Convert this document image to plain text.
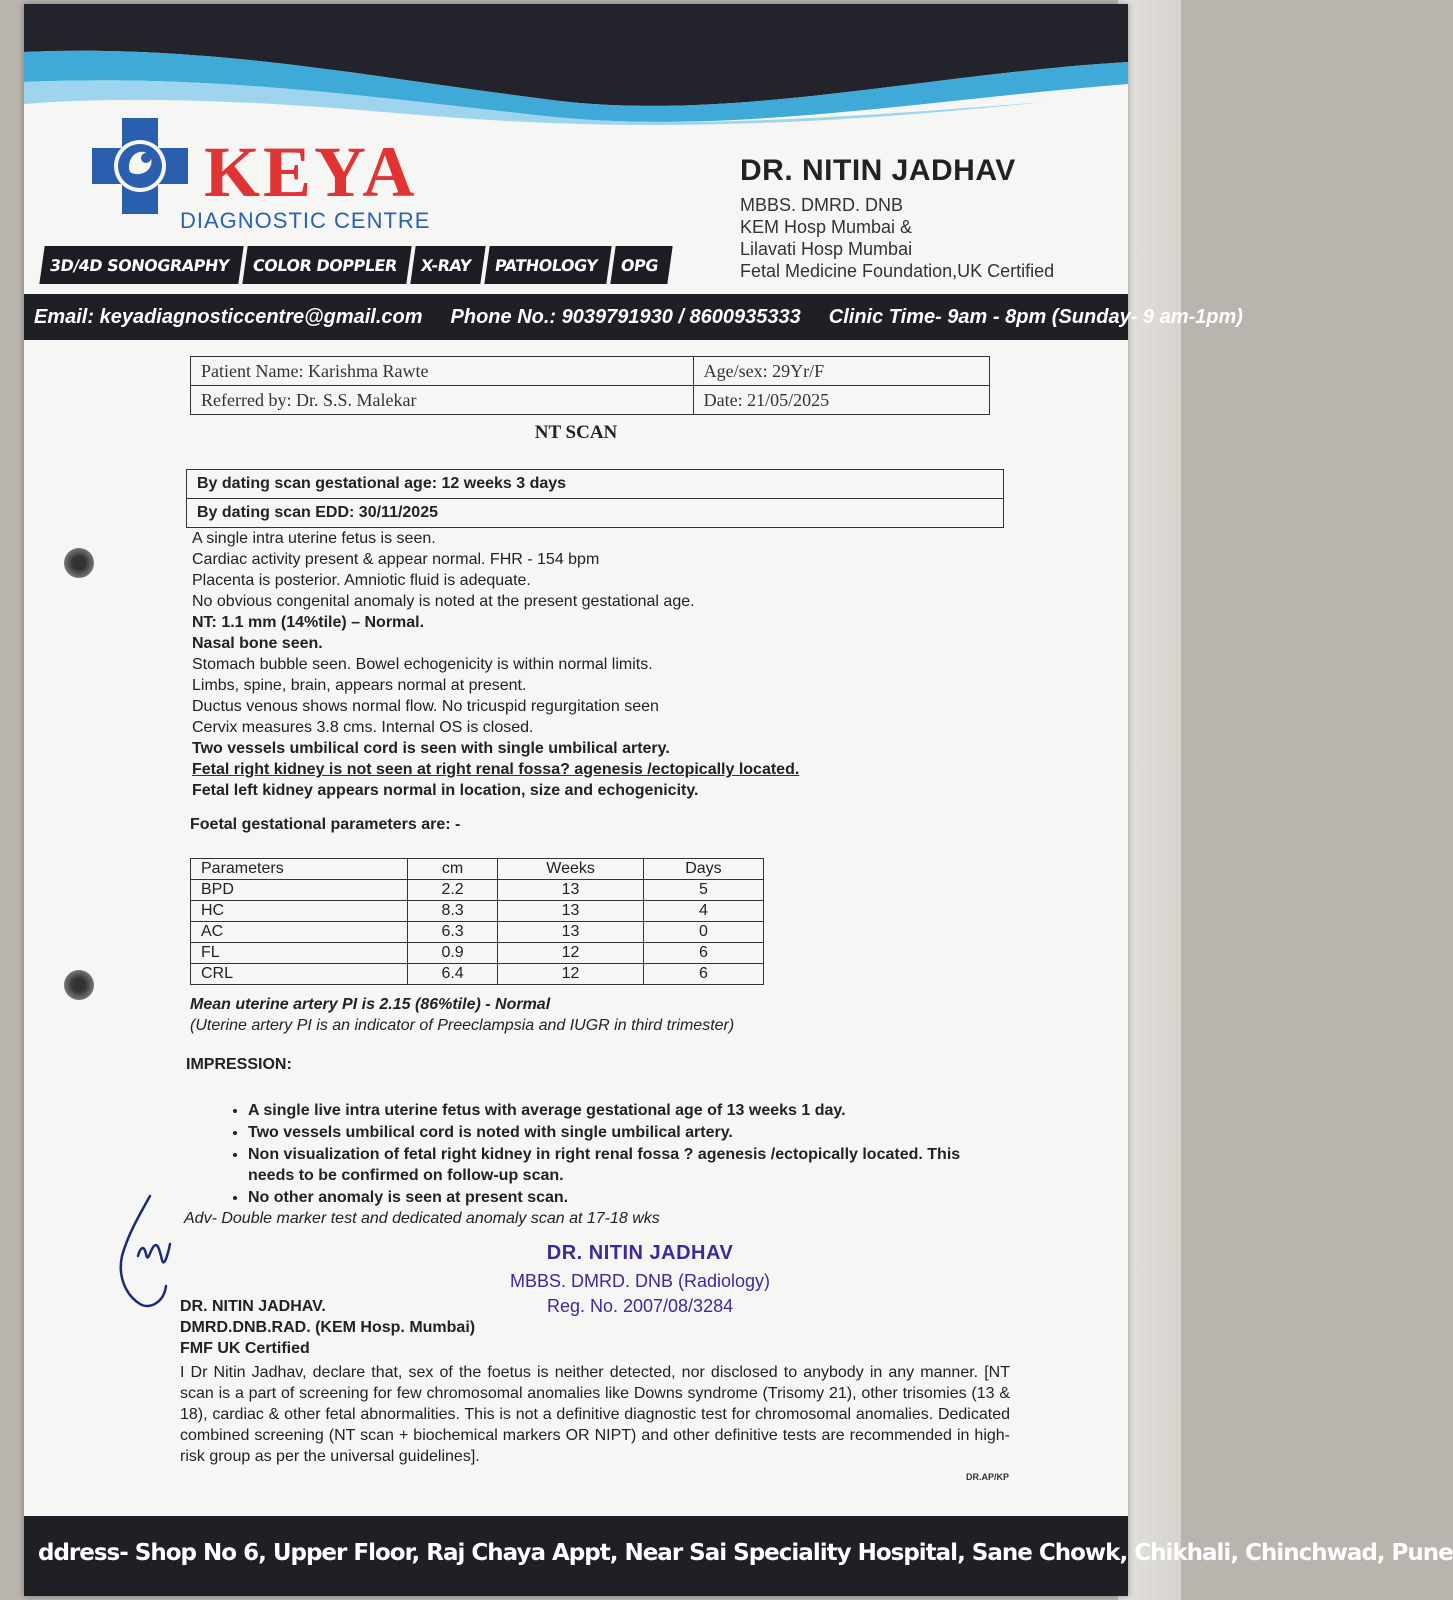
KEYA
DIAGNOSTIC CENTRE
3D/4D SONOGRAPHY	COLOR DOPPLER	X-RAY	PATHOLOGY	OPG
DR. NITIN JADHAV
MBBS. DMRD. DNB
KEM Hosp Mumbai &
Lilavati Hosp Mumbai
Fetal Medicine Foundation,UK Certified
Email: keyadiagnosticcentre@gmail.com	Phone No.: 9039791930 / 8600935333	Clinic Time- 9am - 8pm (Sunday- 9 am-1pm)
Patient Name: Karishma Rawte	Age/sex: 29Yr/F
Referred by: Dr. S.S. Malekar	Date: 21/05/2025
NT SCAN
By dating scan gestational age: 12 weeks 3 days
By dating scan EDD: 30/11/2025
A single intra uterine fetus is seen.
Cardiac activity present & appear normal. FHR - 154 bpm
Placenta is posterior. Amniotic fluid is adequate.
No obvious congenital anomaly is noted at the present gestational age.
NT: 1.1 mm (14%tile) – Normal.
Nasal bone seen.
Stomach bubble seen. Bowel echogenicity is within normal limits.
Limbs, spine, brain, appears normal at present.
Ductus venous shows normal flow. No tricuspid regurgitation seen
Cervix measures 3.8 cms. Internal OS is closed.
Two vessels umbilical cord is seen with single umbilical artery.
Fetal right kidney is not seen at right renal fossa? agenesis /ectopically located.
Fetal left kidney appears normal in location, size and echogenicity.
Foetal gestational parameters are: -
Parameters	cm	Weeks	Days
BPD	2.2	13	5
HC	8.3	13	4
AC	6.3	13	0
FL	0.9	12	6
CRL	6.4	12	6
Mean uterine artery PI is 2.15 (86%tile) - Normal
(Uterine artery PI is an indicator of Preeclampsia and IUGR in third trimester)
IMPRESSION:
• A single live intra uterine fetus with average gestational age of 13 weeks 1 day.
• Two vessels umbilical cord is noted with single umbilical artery.
• Non visualization of fetal right kidney in right renal fossa ? agenesis /ectopically located. This needs to be confirmed on follow-up scan.
• No other anomaly is seen at present scan.
Adv- Double marker test and dedicated anomaly scan at 17-18 wks
DR. NITIN JADHAV
MBBS. DMRD. DNB (Radiology)
Reg. No. 2007/08/3284
DR. NITIN JADHAV.
DMRD.DNB.RAD. (KEM Hosp. Mumbai)
FMF UK Certified
I Dr Nitin Jadhav, declare that, sex of the foetus is neither detected, nor disclosed to anybody in any manner. [NT scan is a part of screening for few chromosomal anomalies like Downs syndrome (Trisomy 21), other trisomies (13 & 18), cardiac & other fetal abnormalities. This is not a definitive diagnostic test for chromosomal anomalies. Dedicated combined screening (NT scan + biochemical markers OR NIPT) and other definitive tests are recommended in high-risk group as per the universal guidelines].
DR.AP/KP
ddress- Shop No 6, Upper Floor, Raj Chaya Appt, Near Sai Speciality Hospital, Sane Chowk, Chikhali, Chinchwad, Pune
